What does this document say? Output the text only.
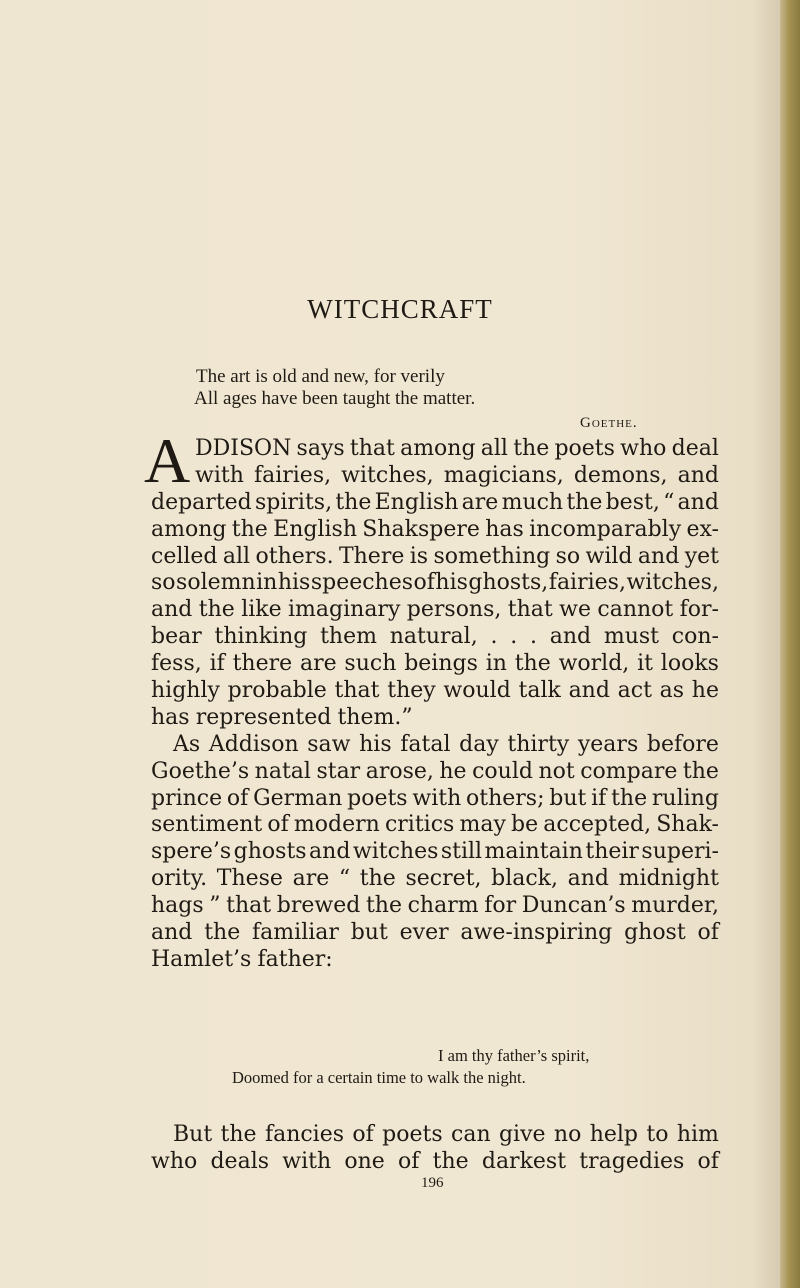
WITCHCRAFT
The art is old and new, for verily
All ages have been taught the matter.
Goethe.
A DDISON says that among all the poets who deal
with fairies, witches, magicians, demons, and
departed spirits, the English are much the best, “ and
among the English Shakspere has incomparably ex-
celled all others. There is something so wild and yet
so solemn in his speeches of his ghosts, fairies, witches,
and the like imaginary persons, that we cannot for-
bear thinking them natural, . . . and must con-
fess, if there are such beings in the world, it looks
highly probable that they would talk and act as he
has represented them.”
As Addison saw his fatal day thirty years before
Goethe’s natal star arose, he could not compare the
prince of German poets with others; but if the ruling
sentiment of modern critics may be accepted, Shak-
spere’s ghosts and witches still maintain their superi-
ority. These are “ the secret, black, and midnight
hags ” that brewed the charm for Duncan’s murder,
and the familiar but ever awe-inspiring ghost of
Hamlet’s father:
I am thy father’s spirit,
Doomed for a certain time to walk the night.
But the fancies of poets can give no help to him
who deals with one of the darkest tragedies of
196
